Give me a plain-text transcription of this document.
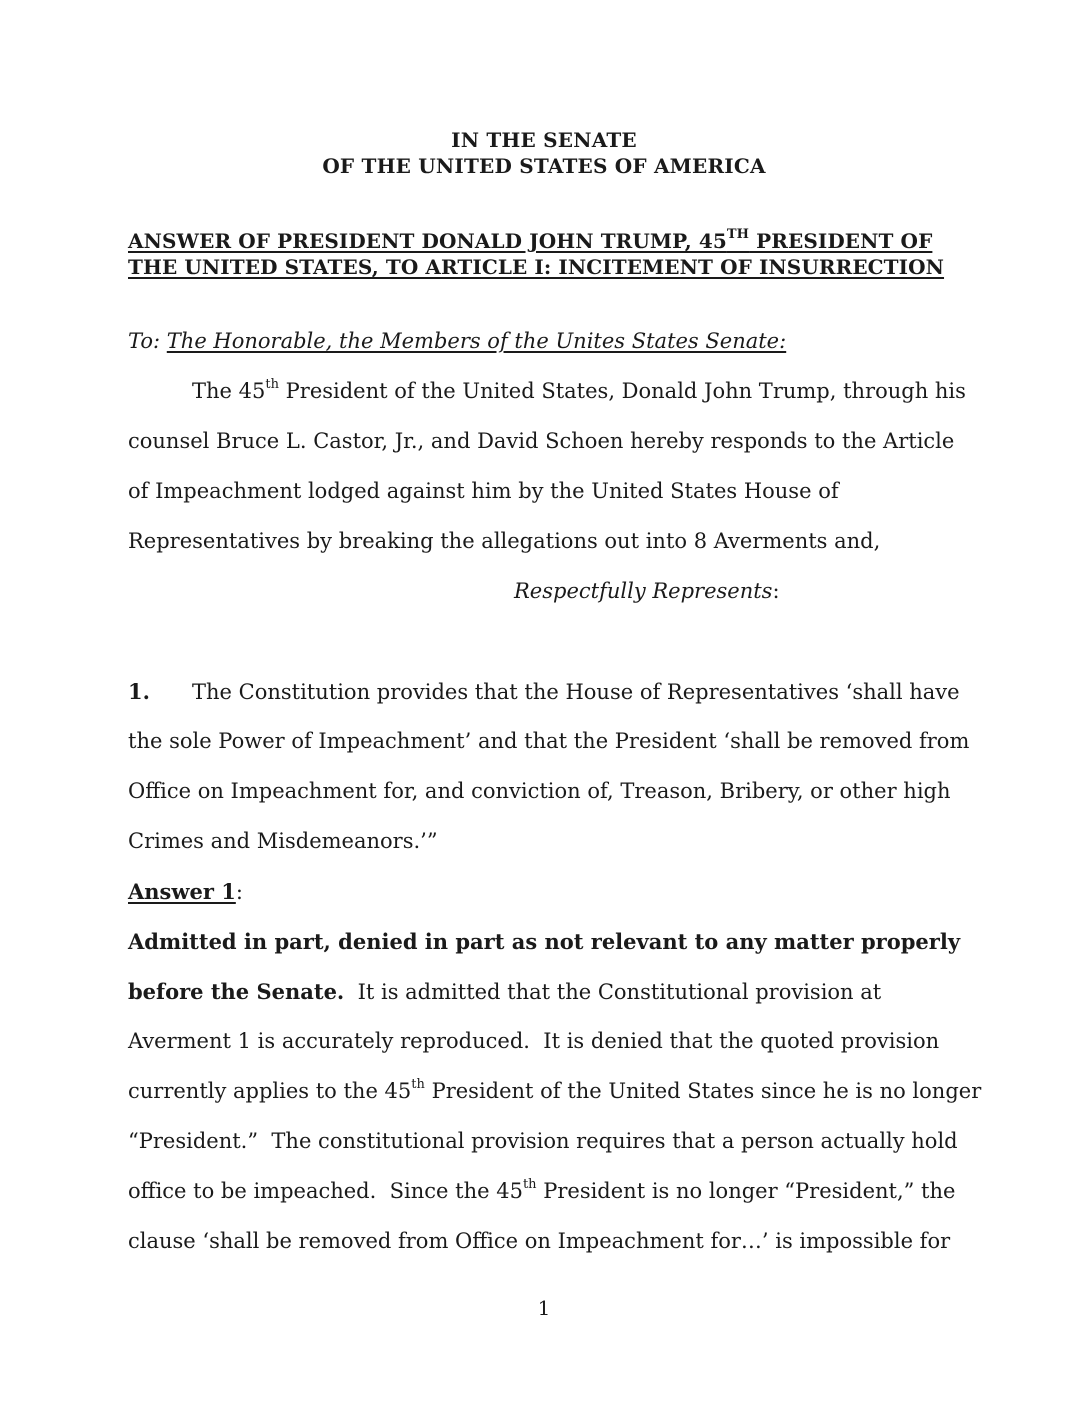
IN THE SENATE
OF THE UNITED STATES OF AMERICA
ANSWER OF PRESIDENT DONALD JOHN TRUMP, 45TH PRESIDENT OF
THE UNITED STATES, TO ARTICLE I: INCITEMENT OF INSURRECTION
To: The Honorable, the Members of the Unites States Senate:
The 45th President of the United States, Donald John Trump, through his
counsel Bruce L. Castor, Jr., and David Schoen hereby responds to the Article
of Impeachment lodged against him by the United States House of
Representatives by breaking the allegations out into 8 Averments and,
Respectfully Represents:
1. The Constitution provides that the House of Representatives ‘shall have
the sole Power of Impeachment’ and that the President ‘shall be removed from
Office on Impeachment for, and conviction of, Treason, Bribery, or other high
Crimes and Misdemeanors.’”
Answer 1:
Admitted in part, denied in part as not relevant to any matter properly
before the Senate.  It is admitted that the Constitutional provision at
Averment 1 is accurately reproduced.  It is denied that the quoted provision
currently applies to the 45th President of the United States since he is no longer
“President.”  The constitutional provision requires that a person actually hold
office to be impeached.  Since the 45th President is no longer “President,” the
clause ‘shall be removed from Office on Impeachment for…’ is impossible for
1
